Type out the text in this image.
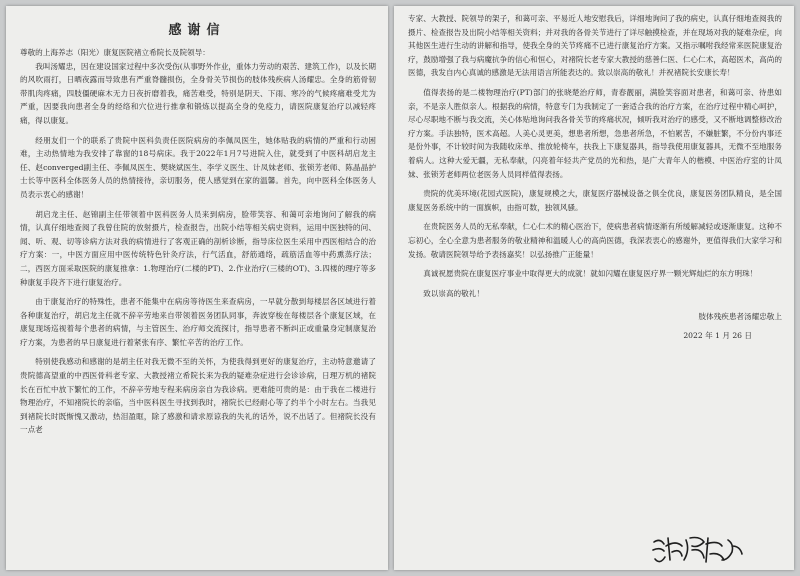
感谢信
尊敬的上海养志（阳光）康复医院褚立希院长及院领导：

我叫汤耀忠，因在建设国家过程中多次受伤(从事野外作业，重体力劳动的艰苦、建筑工作)，以及长期的风吹雨打，日晒夜露而导致患有严重脊髓损伤，全身骨关节损伤的肢体残疾病人汤耀忠。全身的筋骨韧带肌肉疼痛，四肢僵硬麻木无力日夜折磨着我，痛苦难受，特别是阴天、下雨、寒冷的气候疼痛难受尤为严重，因要我向患者全身的经络和穴位进行推拿和锻炼以提高全身的免疫力，请医院康复治疗以减轻疼痛，得以康复。

经朋友们一个的联系了贵院中医科负责任医院病房的李佩凤医生，她体贴我的病情的严重和行动困难，主动热情地为我安排了靠窗的18号病床。我于2022年1月7号进院入住，就受到了中医科胡启龙主任、赵converged副主任、李佩凤医生、樊晓斌医生、李学义医生、计凤妹老师、张锁芳老师、陈晶晶护士长等中医科全体医务人员的热情接待，亲切服务，使人感觉到在家的温馨。首先，向中医科全体医务人员表示衷心的感谢！

胡启龙主任、赵锦副主任带领着中医科医务人员来到病房，脸带笑容、和蔼可亲地询问了解我的病情，认真仔细地查阅了我曾住院的放射摄片，检查报告，出院小结等相关病史资料，运用中医独特的问、闻、听、观、切等诊病方法对我的病情进行了客观正确的剖析诊断，指导床位医生采用中西医相结合的治疗方案：一，中医方面应用中医传统特色针灸疗法，行气活血，舒筋通络，疏筋活血等中药熏蒸疗法；二，西医方面采取医院的康复推拿：1.物理治疗(二楼的PT)、2.作业治疗(三楼的OT)、3.四楼的理疗等多种康复手段齐下进行康复治疗。

由于康复治疗的特殊性，患者不能集中在病房等待医生来查病房，一早就分散到每楼层各区域进行着各种康复治疗，胡启龙主任就不辞辛劳地来自带领着医务团队同事，奔波穿梭在每楼层各个康复区域，在康复现场巡视着每个患者的病情，与主管医生、治疗师交流探讨，指导患者不断纠正或重量身定制康复治疗方案，为患者的早日康复进行着紧张有序、繁忙辛苦的治疗工作。

特别使我感动和感谢的是胡主任对我无微不至的关怀，为使我得到更好的康复治疗，主动特意邀请了贵院德高望重的中西医骨科老专家、大教授褚立希院长来为我的疑难杂症进行会诊诊病，日理万机的褚院长在百忙中放下繁忙的工作，不辞辛劳地专程来病房亲自为我诊病。更难能可贵的是：由于我在二楼进行物理治疗，不知褚院长的亲临，当中医科医生寻找到我时，褚院长已经耐心等了约半个小时左右。当我见到褚院长时既惭愧又激动，热泪盈眶，除了感激和请求原谅我的失礼的话外，说不出话了。但褚院长没有一点老

专家、大教授、院领导的架子，和蔼可亲、平易近人地安慰我后，详细地询问了我的病史，认真仔细地查阅我的摄片、检查报告及出院小结等相关资料；并对我的各骨关节进行了详尽触摸检查，并在现场对我的疑难杂症，向其他医生进行生动的讲解和指导，使我全身的关节疼痛不已进行康复治疗方案。又指示嘱咐我经常来医院康复治疗，鼓励增强了我与病魔抗争的信心和恒心，对褚院长老专家大教授的慈善仁医、仁心仁术，高超医术，高尚的医德，我发自内心真诚的感激是无法用语言所能表达的。致以崇高的敬礼！并祝褚院长安康长寿！

值得表扬的是二楼物理治疗(PT)部门的张晓楚治疗师，青春靓丽，满脸笑容面对患者，和蔼可亲、待患如亲，不是亲人胜似亲人。根据我的病情，特意专门为我制定了一套适合我的治疗方案，在治疗过程中精心呵护，尽心尽职地不断与我交流，关心体贴地询问我各骨关节的疼痛状况，倾听我对治疗的感受，又不断地调整修改治疗方案。手法独特，医术高超。人美心灵更美，想患者所想，急患者所急，不怕累苦，不嫌脏繁，不分份内事还是份外事，不计较时间为我随收床单、推放轮椅车，扶我上下康复器具，指导我使用康复器具，无微不至地服务着病人。这种大爱无疆，无私奉献，闪亮着年轻共产党员的光和热，是广大青年人的楷模、中医治疗室的计凤妹、张锁芳老师两位老医务人员同样值得表扬。

贵院的优美环境(花园式医院)，康复规模之大，康复医疗器械设备之俱全优良，康复医务团队精良，是全国康复医务系统中的一面旗帜，由指可数，独领风骚。

在贵院医务人员的无私奉献，仁心仁术的精心医治下，使病患者病情逐渐有所缓解减轻或逐渐康复。这种不忘初心，全心全意为患者服务的敬业精神和温暖人心的高尚医德，我深表衷心的感谢外，更值得我们大家学习和发扬。敬请医院领导给予表扬嘉奖！以弘扬推广正能量！

真诚祝愿贵院在康复医疗事业中取得更大的成就！就如闪耀在康复医疗界一颗光辉灿烂的东方明珠！

致以崇高的敬礼！

肢体残疾患者汤耀忠敬上
2022 年 1 月 26 日
